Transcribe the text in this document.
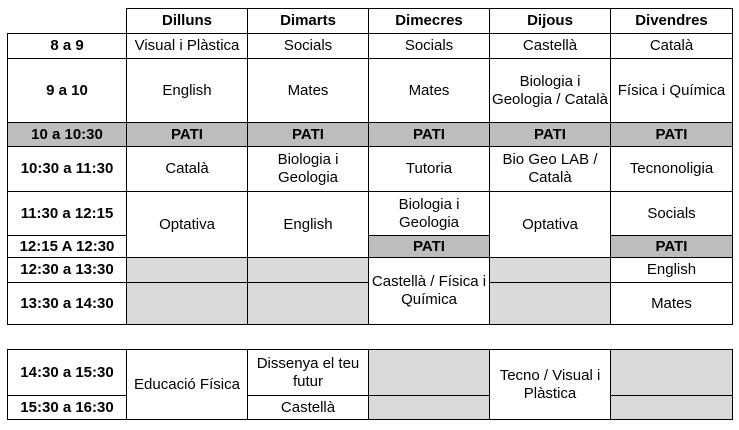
	Dilluns	Dimarts	Dimecres	Dijous	Divendres
8 a 9	Visual i Plàstica	Socials	Socials	Castellà	Català
9 a 10	English	Mates	Mates	Biologia i Geologia / Català	Física i Química
10 a 10:30	PATI	PATI	PATI	PATI	PATI
10:30 a 11:30	Català	Biologia i Geologia	Tutoria	Bio Geo LAB / Català	Tecnonoligia
11:30 a 12:15	Optativa	English	Biologia i Geologia	Optativa	Socials
12:15 A 12:30			PATI		PATI
12:30 a 13:30			Castellà / Física i Química		English
13:30 a 14:30					Mates

14:30 a 15:30	Educació Física	Dissenya el teu futur		Tecno / Visual i Plàstica	
15:30 a 16:30		Castellà			
